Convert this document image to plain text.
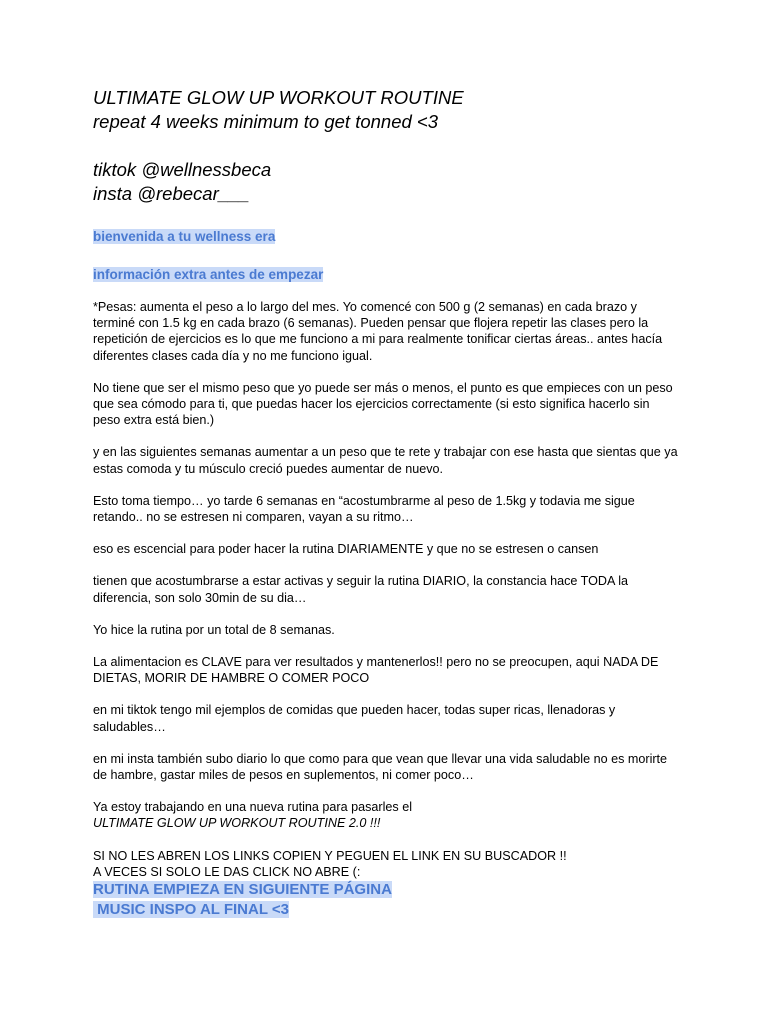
ULTIMATE GLOW UP WORKOUT ROUTINE

repeat 4 weeks minimum to get tonned <3

tiktok @wellnessbeca

insta @rebecar___

bienvenida a tu wellness era

información extra antes de empezar

*Pesas: aumenta el peso a lo largo del mes. Yo comencé con 500 g (2 semanas) en cada brazo y terminé con 1.5 kg en cada brazo (6 semanas). Pueden pensar que flojera repetir las clases pero la repetición de ejercicios es lo que me funciono a mi para realmente tonificar ciertas áreas.. antes hacía diferentes clases cada día y no me funciono igual.

No tiene que ser el mismo peso que yo puede ser más o menos, el punto es que empieces con un peso que sea cómodo para ti, que puedas hacer los ejercicios correctamente (si esto significa hacerlo sin peso extra está bien.)

y en las siguientes semanas aumentar a un peso que te rete y trabajar con ese hasta que sientas que ya estas comoda y tu músculo creció puedes aumentar de nuevo.

Esto toma tiempo… yo tarde 6 semanas en “acostumbrarme al peso de 1.5kg y todavia me sigue retando.. no se estresen ni comparen, vayan a su ritmo…

eso es escencial para poder hacer la rutina DIARIAMENTE y que no se estresen o cansen

tienen que acostumbrarse a estar activas y seguir la rutina DIARIO, la constancia hace TODA la diferencia, son solo 30min de su dia…

Yo hice la rutina por un total de 8 semanas.

La alimentacion es CLAVE para ver resultados y mantenerlos!! pero no se preocupen, aqui NADA DE DIETAS, MORIR DE HAMBRE O COMER POCO

en mi tiktok tengo mil ejemplos de comidas que pueden hacer, todas super ricas, llenadoras y saludables…

en mi insta también subo diario lo que como para que vean que llevar una vida saludable no es morirte de hambre, gastar miles de pesos en suplementos, ni comer poco…

Ya estoy trabajando en una nueva rutina para pasarles el

ULTIMATE GLOW UP WORKOUT ROUTINE 2.0 !!!

SI NO LES ABREN LOS LINKS COPIEN Y PEGUEN EL LINK EN SU BUSCADOR !!

A VECES SI SOLO LE DAS CLICK NO ABRE (:

RUTINA EMPIEZA EN SIGUIENTE PÁGINA

MUSIC INSPO AL FINAL <3
